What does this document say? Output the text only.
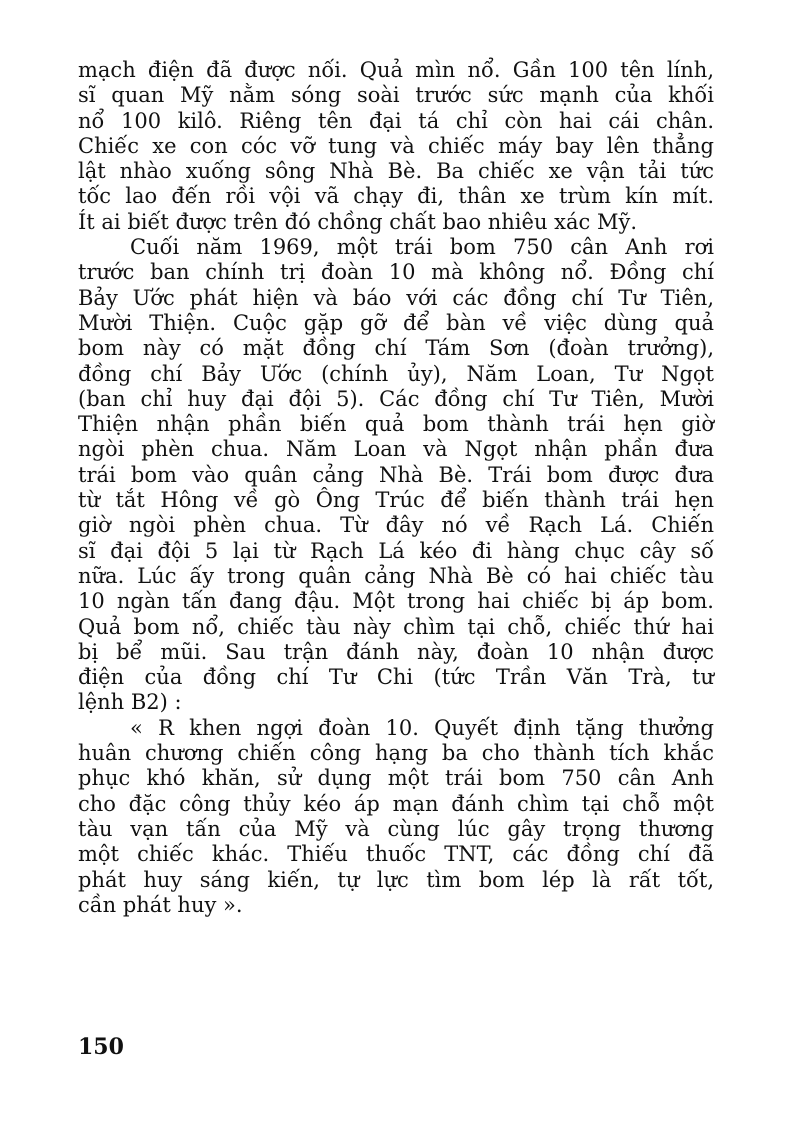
mạch điện đã được nối. Quả mìn nổ. Gần 100 tên lính,

sĩ quan Mỹ nằm sóng soài trước sức mạnh của khối

nổ 100 kilô. Riêng tên đại tá chỉ còn hai cái chân.

Chiếc xe con cóc vỡ tung và chiếc máy bay lên thẳng

lật nhào xuống sông Nhà Bè. Ba chiếc xe vận tải tức

tốc lao đến rồi vội vã chạy đi, thân xe trùm kín mít.

Ít ai biết được trên đó chồng chất bao nhiêu xác Mỹ.

Cuối năm 1969, một trái bom 750 cân Anh rơi

trước ban chính trị đoàn 10 mà không nổ. Đồng chí

Bảy Ước phát hiện và báo với các đồng chí Tư Tiên,

Mười Thiện. Cuộc gặp gỡ để bàn về việc dùng quả

bom này có mặt đồng chí Tám Sơn (đoàn trưởng),

đồng chí Bảy Ước (chính ủy), Năm Loan, Tư Ngọt

(ban chỉ huy đại đội 5). Các đồng chí Tư Tiên, Mười

Thiện nhận phần biến quả bom thành trái hẹn giờ

ngòi phèn chua. Năm Loan và Ngọt nhận phần đưa

trái bom vào quân cảng Nhà Bè. Trái bom được đưa

từ tắt Hông về gò Ông Trúc để biến thành trái hẹn

giờ ngòi phèn chua. Từ đây nó về Rạch Lá. Chiến

sĩ đại đội 5 lại từ Rạch Lá kéo đi hàng chục cây số

nữa. Lúc ấy trong quân cảng Nhà Bè có hai chiếc tàu

10 ngàn tấn đang đậu. Một trong hai chiếc bị áp bom.

Quả bom nổ, chiếc tàu này chìm tại chỗ, chiếc thứ hai

bị bể mũi. Sau trận đánh này, đoàn 10 nhận được

điện của đồng chí Tư Chi (tức Trần Văn Trà, tư

lệnh B2) :

« R khen ngợi đoàn 10. Quyết định tặng thưởng

huân chương chiến công hạng ba cho thành tích khắc

phục khó khăn, sử dụng một trái bom 750 cân Anh

cho đặc công thủy kéo áp mạn đánh chìm tại chỗ một

tàu vạn tấn của Mỹ và cùng lúc gây trọng thương

một chiếc khác. Thiếu thuốc TNT, các đồng chí đã

phát huy sáng kiến, tự lực tìm bom lép là rất tốt,

cần phát huy ».

150
